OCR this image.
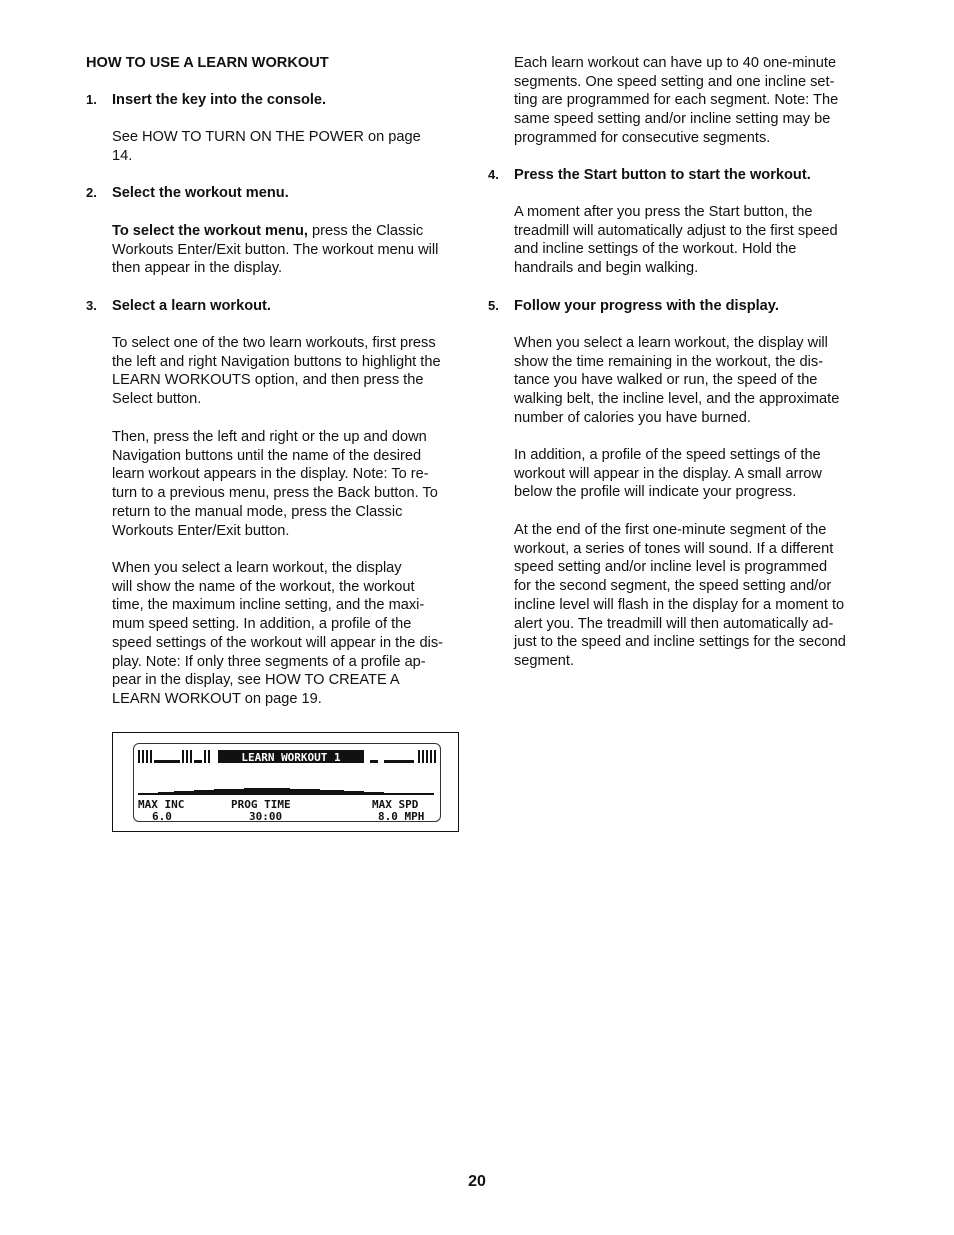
HOW TO USE A LEARN WORKOUT
1. Insert the key into the console.
See HOW TO TURN ON THE POWER on page
14.
2. Select the workout menu.
To select the workout menu, press the Classic
Workouts Enter/Exit button. The workout menu will
then appear in the display.
3. Select a learn workout.
To select one of the two learn workouts, first press
the left and right Navigation buttons to highlight the
LEARN WORKOUTS option, and then press the
Select button.
Then, press the left and right or the up and down
Navigation buttons until the name of the desired
learn workout appears in the display. Note: To re-
turn to a previous menu, press the Back button. To
return to the manual mode, press the Classic
Workouts Enter/Exit button.
When you select a learn workout, the display
will show the name of the workout, the workout
time, the maximum incline setting, and the maxi-
mum speed setting. In addition, a profile of the
speed settings of the workout will appear in the dis-
play. Note: If only three segments of a profile ap-
pear in the display, see HOW TO CREATE A
LEARN WORKOUT on page 19.
LEARN WORKOUT 1
MAX INC	PROG TIME	MAX SPD
6.0	30:00	8.0 MPH
Each learn workout can have up to 40 one-minute
segments. One speed setting and one incline set-
ting are programmed for each segment. Note: The
same speed setting and/or incline setting may be
programmed for consecutive segments.
4. Press the Start button to start the workout.
A moment after you press the Start button, the
treadmill will automatically adjust to the first speed
and incline settings of the workout. Hold the
handrails and begin walking.
5. Follow your progress with the display.
When you select a learn workout, the display will
show the time remaining in the workout, the dis-
tance you have walked or run, the speed of the
walking belt, the incline level, and the approximate
number of calories you have burned.
In addition, a profile of the speed settings of the
workout will appear in the display. A small arrow
below the profile will indicate your progress.
At the end of the first one-minute segment of the
workout, a series of tones will sound. If a different
speed setting and/or incline level is programmed
for the second segment, the speed setting and/or
incline level will flash in the display for a moment to
alert you. The treadmill will then automatically ad-
just to the speed and incline settings for the second
segment.
20
